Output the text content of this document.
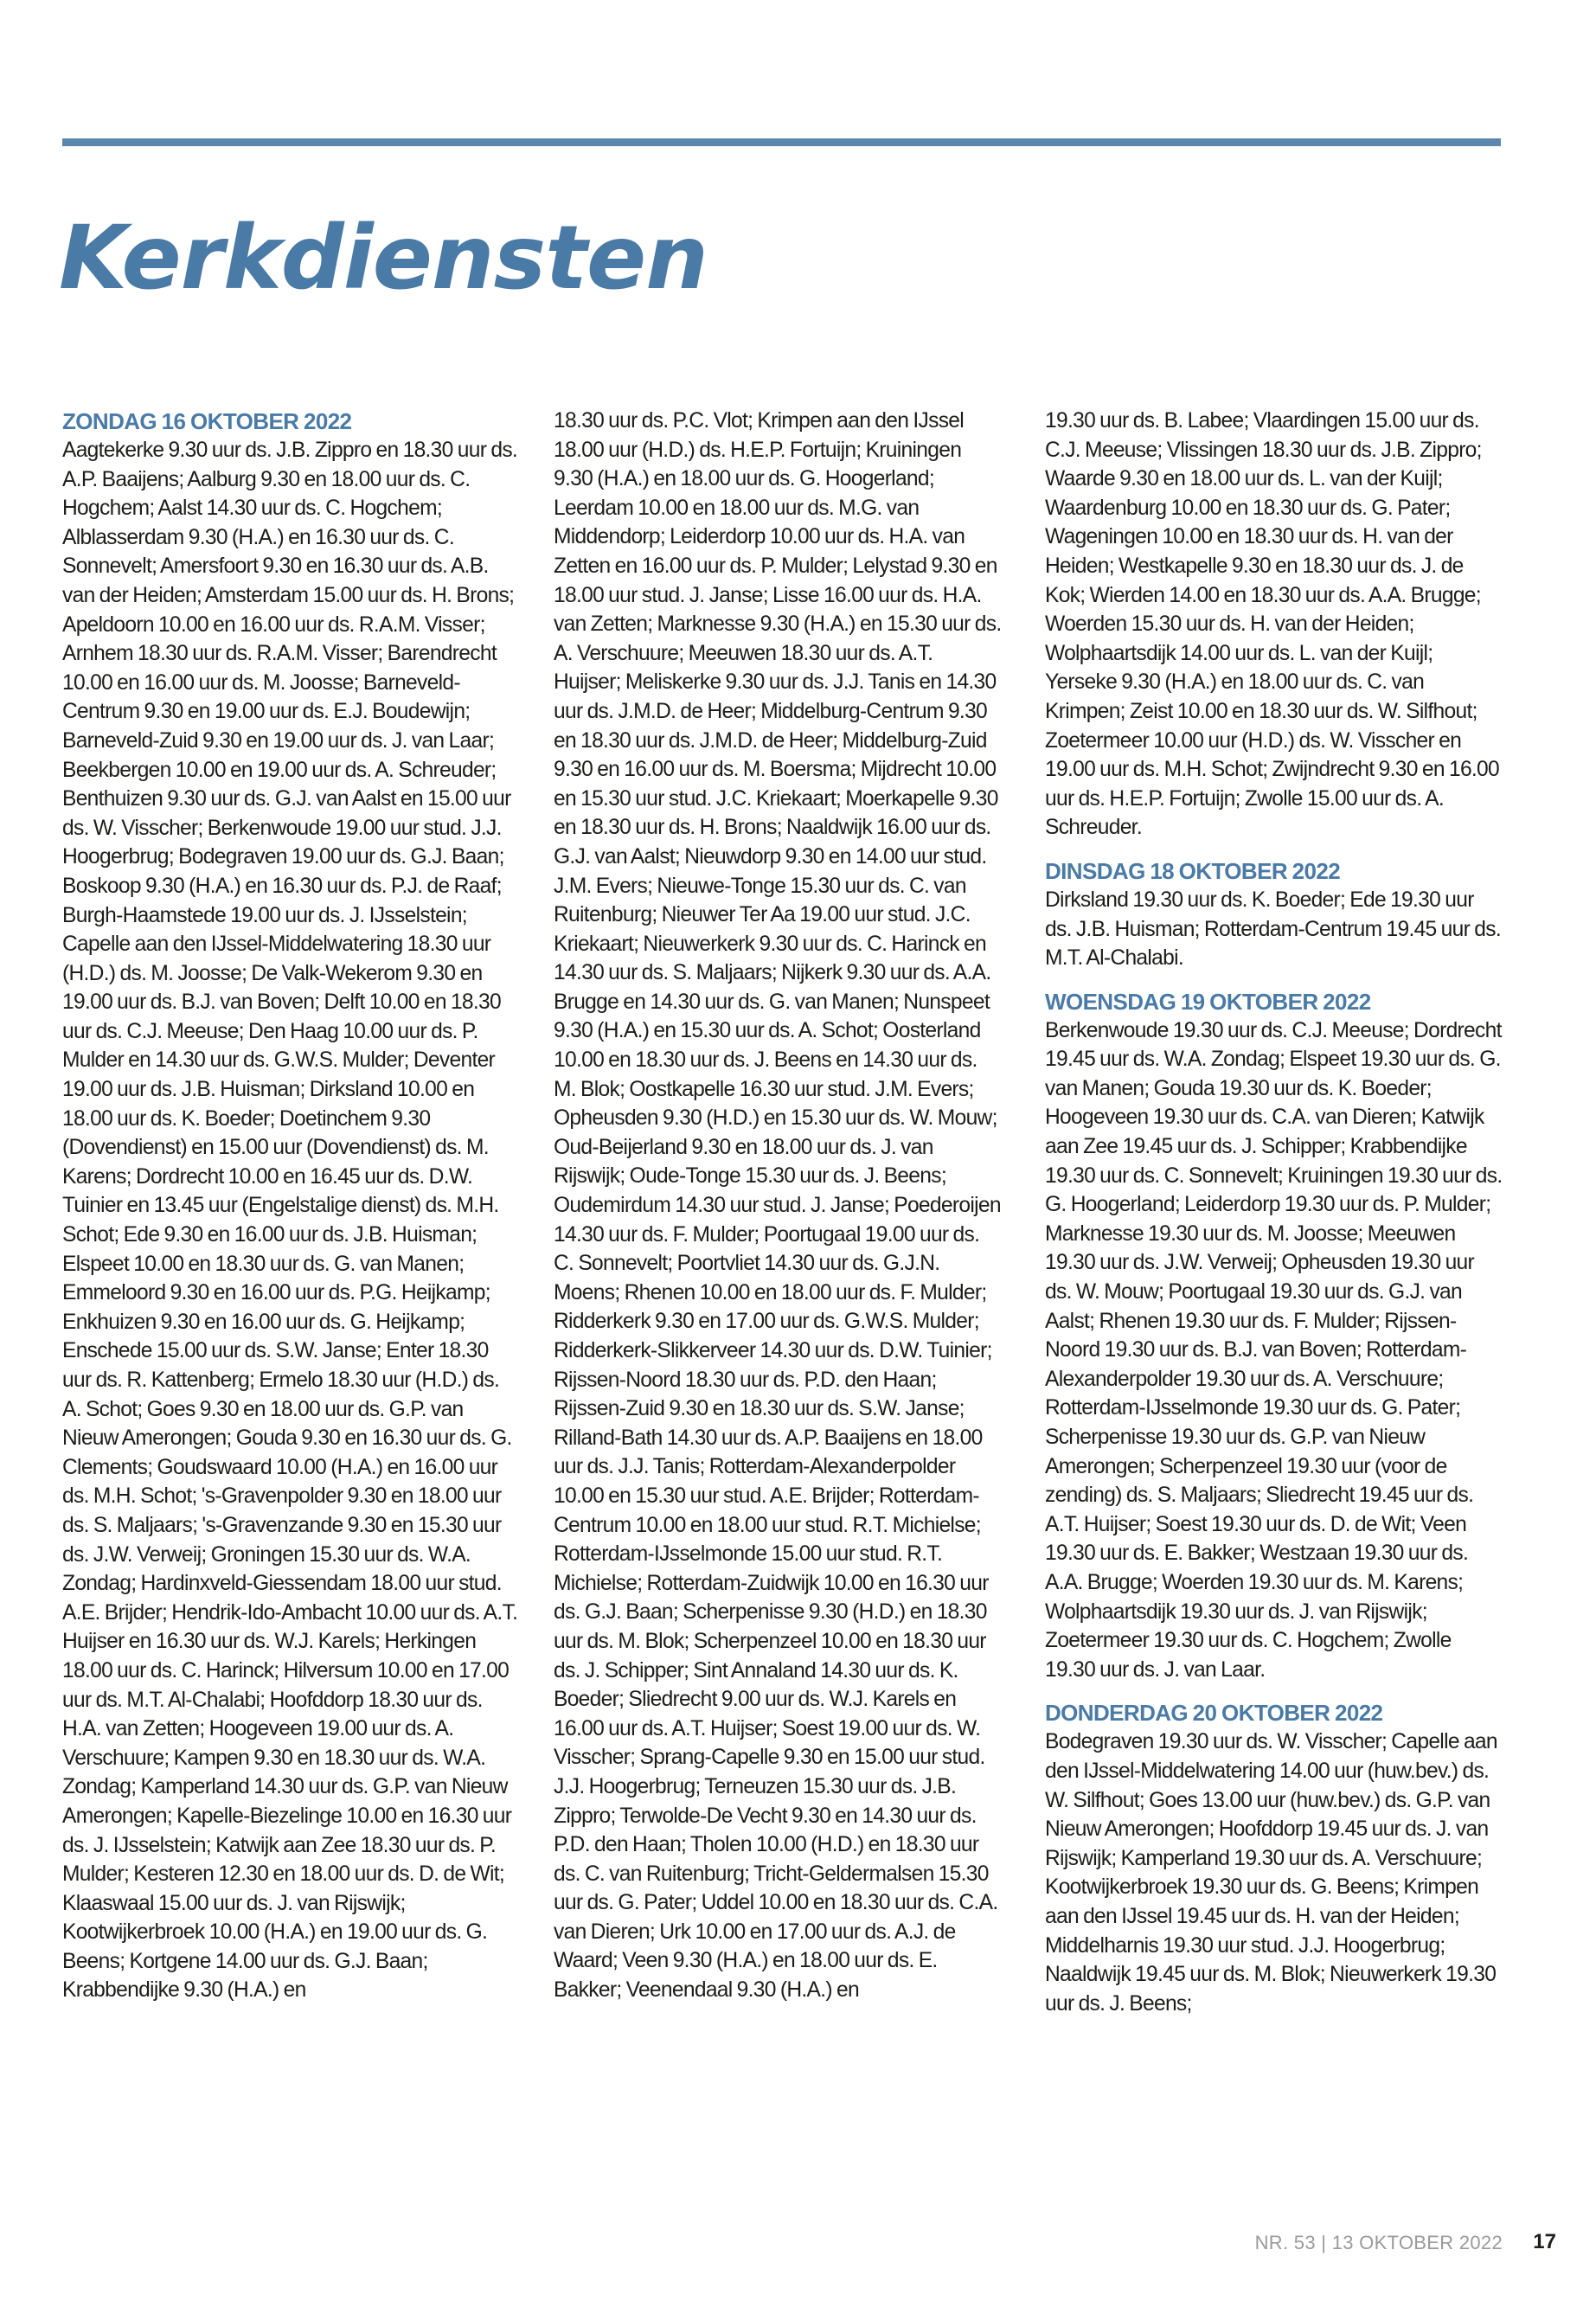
Kerkdiensten
ZONDAG 16 OKTOBER 2022

Aagtekerke 9.30 uur ds. J.B. Zippro en 18.30 uur ds. A.P. Baaijens; Aalburg 9.30 en 18.00 uur ds. C. Hogchem; Aalst 14.30 uur ds. C. Hogchem; Alblasserdam 9.30 (H.A.) en 16.30 uur ds. C. Sonnevelt; Amersfoort 9.30 en 16.30 uur ds. A.B. van der Heiden; Amsterdam 15.00 uur ds. H. Brons; Apeldoorn 10.00 en 16.00 uur ds. R.A.M. Visser; Arnhem 18.30 uur ds. R.A.M. Visser; Barendrecht 10.00 en 16.00 uur ds. M. Joosse; Barneveld-Centrum 9.30 en 19.00 uur ds. E.J. Boudewijn; Barneveld-Zuid 9.30 en 19.00 uur ds. J. van Laar; Beekbergen 10.00 en 19.00 uur ds. A. Schreuder; Benthuizen 9.30 uur ds. G.J. van Aalst en 15.00 uur ds. W. Visscher; Berkenwoude 19.00 uur stud. J.J. Hoogerbrug; Bodegraven 19.00 uur ds. G.J. Baan; Boskoop 9.30 (H.A.) en 16.30 uur ds. P.J. de Raaf; Burgh-Haamstede 19.00 uur ds. J. IJsselstein; Capelle aan den IJssel-Middelwatering 18.30 uur (H.D.) ds. M. Joosse; De Valk-Wekerom 9.30 en 19.00 uur ds. B.J. van Boven; Delft 10.00 en 18.30 uur ds. C.J. Meeuse; Den Haag 10.00 uur ds. P. Mulder en 14.30 uur ds. G.W.S. Mulder; Deventer 19.00 uur ds. J.B. Huisman; Dirksland 10.00 en 18.00 uur ds. K. Boeder; Doetinchem 9.30 (Dovendienst) en 15.00 uur (Dovendienst) ds. M. Karens; Dordrecht 10.00 en 16.45 uur ds. D.W. Tuinier en 13.45 uur (Engelstalige dienst) ds. M.H. Schot; Ede 9.30 en 16.00 uur ds. J.B. Huisman; Elspeet 10.00 en 18.30 uur ds. G. van Manen; Emmeloord 9.30 en 16.00 uur ds. P.G. Heijkamp; Enkhuizen 9.30 en 16.00 uur ds. G. Heijkamp; Enschede 15.00 uur ds. S.W. Janse; Enter 18.30 uur ds. R. Kattenberg; Ermelo 18.30 uur (H.D.) ds. A. Schot; Goes 9.30 en 18.00 uur ds. G.P. van Nieuw Amerongen; Gouda 9.30 en 16.30 uur ds. G. Clements; Goudswaard 10.00 (H.A.) en 16.00 uur ds. M.H. Schot; 's-Gravenpolder 9.30 en 18.00 uur ds. S. Maljaars; 's-Gravenzande 9.30 en 15.30 uur ds. J.W. Verweij; Groningen 15.30 uur ds. W.A. Zondag; Hardinxveld-Giessendam 18.00 uur stud. A.E. Brijder; Hendrik-Ido-Ambacht 10.00 uur ds. A.T. Huijser en 16.30 uur ds. W.J. Karels; Herkingen 18.00 uur ds. C. Harinck; Hilversum 10.00 en 17.00 uur ds. M.T. Al-Chalabi; Hoofddorp 18.30 uur ds. H.A. van Zetten; Hoogeveen 19.00 uur ds. A. Verschuure; Kampen 9.30 en 18.30 uur ds. W.A. Zondag; Kamperland 14.30 uur ds. G.P. van Nieuw Amerongen; Kapelle-Biezelinge 10.00 en 16.30 uur ds. J. IJsselstein; Katwijk aan Zee 18.30 uur ds. P. Mulder; Kesteren 12.30 en 18.00 uur ds. D. de Wit; Klaaswaal 15.00 uur ds. J. van Rijswijk; Kootwijkerbroek 10.00 (H.A.) en 19.00 uur ds. G. Beens; Kortgene 14.00 uur ds. G.J. Baan; Krabbendijke 9.30 (H.A.) en

18.30 uur ds. P.C. Vlot; Krimpen aan den IJssel 18.00 uur (H.D.) ds. H.E.P. Fortuijn; Kruiningen 9.30 (H.A.) en 18.00 uur ds. G. Hoogerland; Leerdam 10.00 en 18.00 uur ds. M.G. van Middendorp; Leiderdorp 10.00 uur ds. H.A. van Zetten en 16.00 uur ds. P. Mulder; Lelystad 9.30 en 18.00 uur stud. J. Janse; Lisse 16.00 uur ds. H.A. van Zetten; Marknesse 9.30 (H.A.) en 15.30 uur ds. A. Verschuure; Meeuwen 18.30 uur ds. A.T. Huijser; Meliskerke 9.30 uur ds. J.J. Tanis en 14.30 uur ds. J.M.D. de Heer; Middelburg-Centrum 9.30 en 18.30 uur ds. J.M.D. de Heer; Middelburg-Zuid 9.30 en 16.00 uur ds. M. Boersma; Mijdrecht 10.00 en 15.30 uur stud. J.C. Kriekaart; Moerkapelle 9.30 en 18.30 uur ds. H. Brons; Naaldwijk 16.00 uur ds. G.J. van Aalst; Nieuwdorp 9.30 en 14.00 uur stud. J.M. Evers; Nieuwe-Tonge 15.30 uur ds. C. van Ruitenburg; Nieuwer Ter Aa 19.00 uur stud. J.C. Kriekaart; Nieuwerkerk 9.30 uur ds. C. Harinck en 14.30 uur ds. S. Maljaars; Nijkerk 9.30 uur ds. A.A. Brugge en 14.30 uur ds. G. van Manen; Nunspeet 9.30 (H.A.) en 15.30 uur ds. A. Schot; Oosterland 10.00 en 18.30 uur ds. J. Beens en 14.30 uur ds. M. Blok; Oostkapelle 16.30 uur stud. J.M. Evers; Opheusden 9.30 (H.D.) en 15.30 uur ds. W. Mouw; Oud-Beijerland 9.30 en 18.00 uur ds. J. van Rijswijk; Oude-Tonge 15.30 uur ds. J. Beens; Oudemirdum 14.30 uur stud. J. Janse; Poederoijen 14.30 uur ds. F. Mulder; Poortugaal 19.00 uur ds. C. Sonnevelt; Poortvliet 14.30 uur ds. G.J.N. Moens; Rhenen 10.00 en 18.00 uur ds. F. Mulder; Ridderkerk 9.30 en 17.00 uur ds. G.W.S. Mulder; Ridderkerk-Slikkerveer 14.30 uur ds. D.W. Tuinier; Rijssen-Noord 18.30 uur ds. P.D. den Haan; Rijssen-Zuid 9.30 en 18.30 uur ds. S.W. Janse; Rilland-Bath 14.30 uur ds. A.P. Baaijens en 18.00 uur ds. J.J. Tanis; Rotterdam-Alexanderpolder 10.00 en 15.30 uur stud. A.E. Brijder; Rotterdam-Centrum 10.00 en 18.00 uur stud. R.T. Michielse; Rotterdam-IJsselmonde 15.00 uur stud. R.T. Michielse; Rotterdam-Zuidwijk 10.00 en 16.30 uur ds. G.J. Baan; Scherpenisse 9.30 (H.D.) en 18.30 uur ds. M. Blok; Scherpenzeel 10.00 en 18.30 uur ds. J. Schipper; Sint Annaland 14.30 uur ds. K. Boeder; Sliedrecht 9.00 uur ds. W.J. Karels en 16.00 uur ds. A.T. Huijser; Soest 19.00 uur ds. W. Visscher; Sprang-Capelle 9.30 en 15.00 uur stud. J.J. Hoogerbrug; Terneuzen 15.30 uur ds. J.B. Zippro; Terwolde-De Vecht 9.30 en 14.30 uur ds. P.D. den Haan; Tholen 10.00 (H.D.) en 18.30 uur ds. C. van Ruitenburg; Tricht-Geldermalsen 15.30 uur ds. G. Pater; Uddel 10.00 en 18.30 uur ds. C.A. van Dieren; Urk 10.00 en 17.00 uur ds. A.J. de Waard; Veen 9.30 (H.A.) en 18.00 uur ds. E. Bakker; Veenendaal 9.30 (H.A.) en

19.30 uur ds. B. Labee; Vlaardingen 15.00 uur ds. C.J. Meeuse; Vlissingen 18.30 uur ds. J.B. Zippro; Waarde 9.30 en 18.00 uur ds. L. van der Kuijl; Waardenburg 10.00 en 18.30 uur ds. G. Pater; Wageningen 10.00 en 18.30 uur ds. H. van der Heiden; Westkapelle 9.30 en 18.30 uur ds. J. de Kok; Wierden 14.00 en 18.30 uur ds. A.A. Brugge; Woerden 15.30 uur ds. H. van der Heiden; Wolphaartsdijk 14.00 uur ds. L. van der Kuijl; Yerseke 9.30 (H.A.) en 18.00 uur ds. C. van Krimpen; Zeist 10.00 en 18.30 uur ds. W. Silfhout; Zoetermeer 10.00 uur (H.D.) ds. W. Visscher en 19.00 uur ds. M.H. Schot; Zwijndrecht 9.30 en 16.00 uur ds. H.E.P. Fortuijn; Zwolle 15.00 uur ds. A. Schreuder.

DINSDAG 18 OKTOBER 2022

Dirksland 19.30 uur ds. K. Boeder; Ede 19.30 uur ds. J.B. Huisman; Rotterdam-Centrum 19.45 uur ds. M.T. Al-Chalabi.

WOENSDAG 19 OKTOBER 2022

Berkenwoude 19.30 uur ds. C.J. Meeuse; Dordrecht 19.45 uur ds. W.A. Zondag; Elspeet 19.30 uur ds. G. van Manen; Gouda 19.30 uur ds. K. Boeder; Hoogeveen 19.30 uur ds. C.A. van Dieren; Katwijk aan Zee 19.45 uur ds. J. Schipper; Krabbendijke 19.30 uur ds. C. Sonnevelt; Kruiningen 19.30 uur ds. G. Hoogerland; Leiderdorp 19.30 uur ds. P. Mulder; Marknesse 19.30 uur ds. M. Joosse; Meeuwen 19.30 uur ds. J.W. Verweij; Opheusden 19.30 uur ds. W. Mouw; Poortugaal 19.30 uur ds. G.J. van Aalst; Rhenen 19.30 uur ds. F. Mulder; Rijssen-Noord 19.30 uur ds. B.J. van Boven; Rotterdam-Alexanderpolder 19.30 uur ds. A. Verschuure; Rotterdam-IJsselmonde 19.30 uur ds. G. Pater; Scherpenisse 19.30 uur ds. G.P. van Nieuw Amerongen; Scherpenzeel 19.30 uur (voor de zending) ds. S. Maljaars; Sliedrecht 19.45 uur ds. A.T. Huijser; Soest 19.30 uur ds. D. de Wit; Veen 19.30 uur ds. E. Bakker; Westzaan 19.30 uur ds. A.A. Brugge; Woerden 19.30 uur ds. M. Karens; Wolphaartsdijk 19.30 uur ds. J. van Rijswijk; Zoetermeer 19.30 uur ds. C. Hogchem; Zwolle 19.30 uur ds. J. van Laar.

DONDERDAG 20 OKTOBER 2022

Bodegraven 19.30 uur ds. W. Visscher; Capelle aan den IJssel-Middelwatering 14.00 uur (huw.bev.) ds. W. Silfhout; Goes 13.00 uur (huw.bev.) ds. G.P. van Nieuw Amerongen; Hoofddorp 19.45 uur ds. J. van Rijswijk; Kamperland 19.30 uur ds. A. Verschuure; Kootwijkerbroek 19.30 uur ds. G. Beens; Krimpen aan den IJssel 19.45 uur ds. H. van der Heiden; Middelharnis 19.30 uur stud. J.J. Hoogerbrug; Naaldwijk 19.45 uur ds. M. Blok; Nieuwerkerk 19.30 uur ds. J. Beens;

NR. 53 | 13 OKTOBER 2022 17
